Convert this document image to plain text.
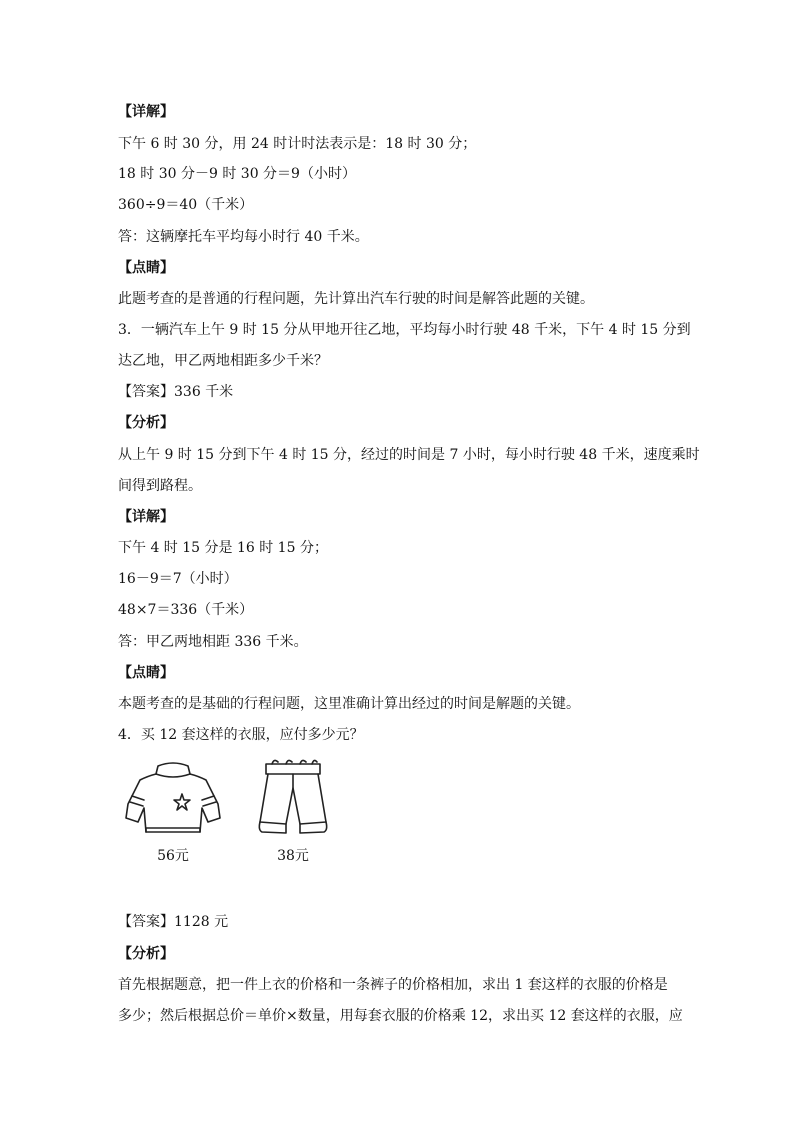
【详解】
下午 6 时 30 分，用 24 时计时法表示是：18 时 30 分；
18 时 30 分－9 时 30 分＝9（小时）
360÷9＝40（千米）
答：这辆摩托车平均每小时行 40 千米。
【点睛】
此题考查的是普通的行程问题，先计算出汽车行驶的时间是解答此题的关键。
3．一辆汽车上午 9 时 15 分从甲地开往乙地，平均每小时行驶 48 千米，下午 4 时 15 分到
达乙地，甲乙两地相距多少千米？
【答案】336 千米
【分析】
从上午 9 时 15 分到下午 4 时 15 分，经过的时间是 7 小时，每小时行驶 48 千米，速度乘时
间得到路程。
【详解】
下午 4 时 15 分是 16 时 15 分；
16－9＝7（小时）
48×7＝336（千米）
答：甲乙两地相距 336 千米。
【点睛】
本题考查的是基础的行程问题，这里准确计算出经过的时间是解题的关键。
4．买 12 套这样的衣服，应付多少元？
56元	38元
【答案】1128 元
【分析】
首先根据题意，把一件上衣的价格和一条裤子的价格相加，求出 1 套这样的衣服的价格是
多少；然后根据总价＝单价×数量，用每套衣服的价格乘 12，求出买 12 套这样的衣服，应
